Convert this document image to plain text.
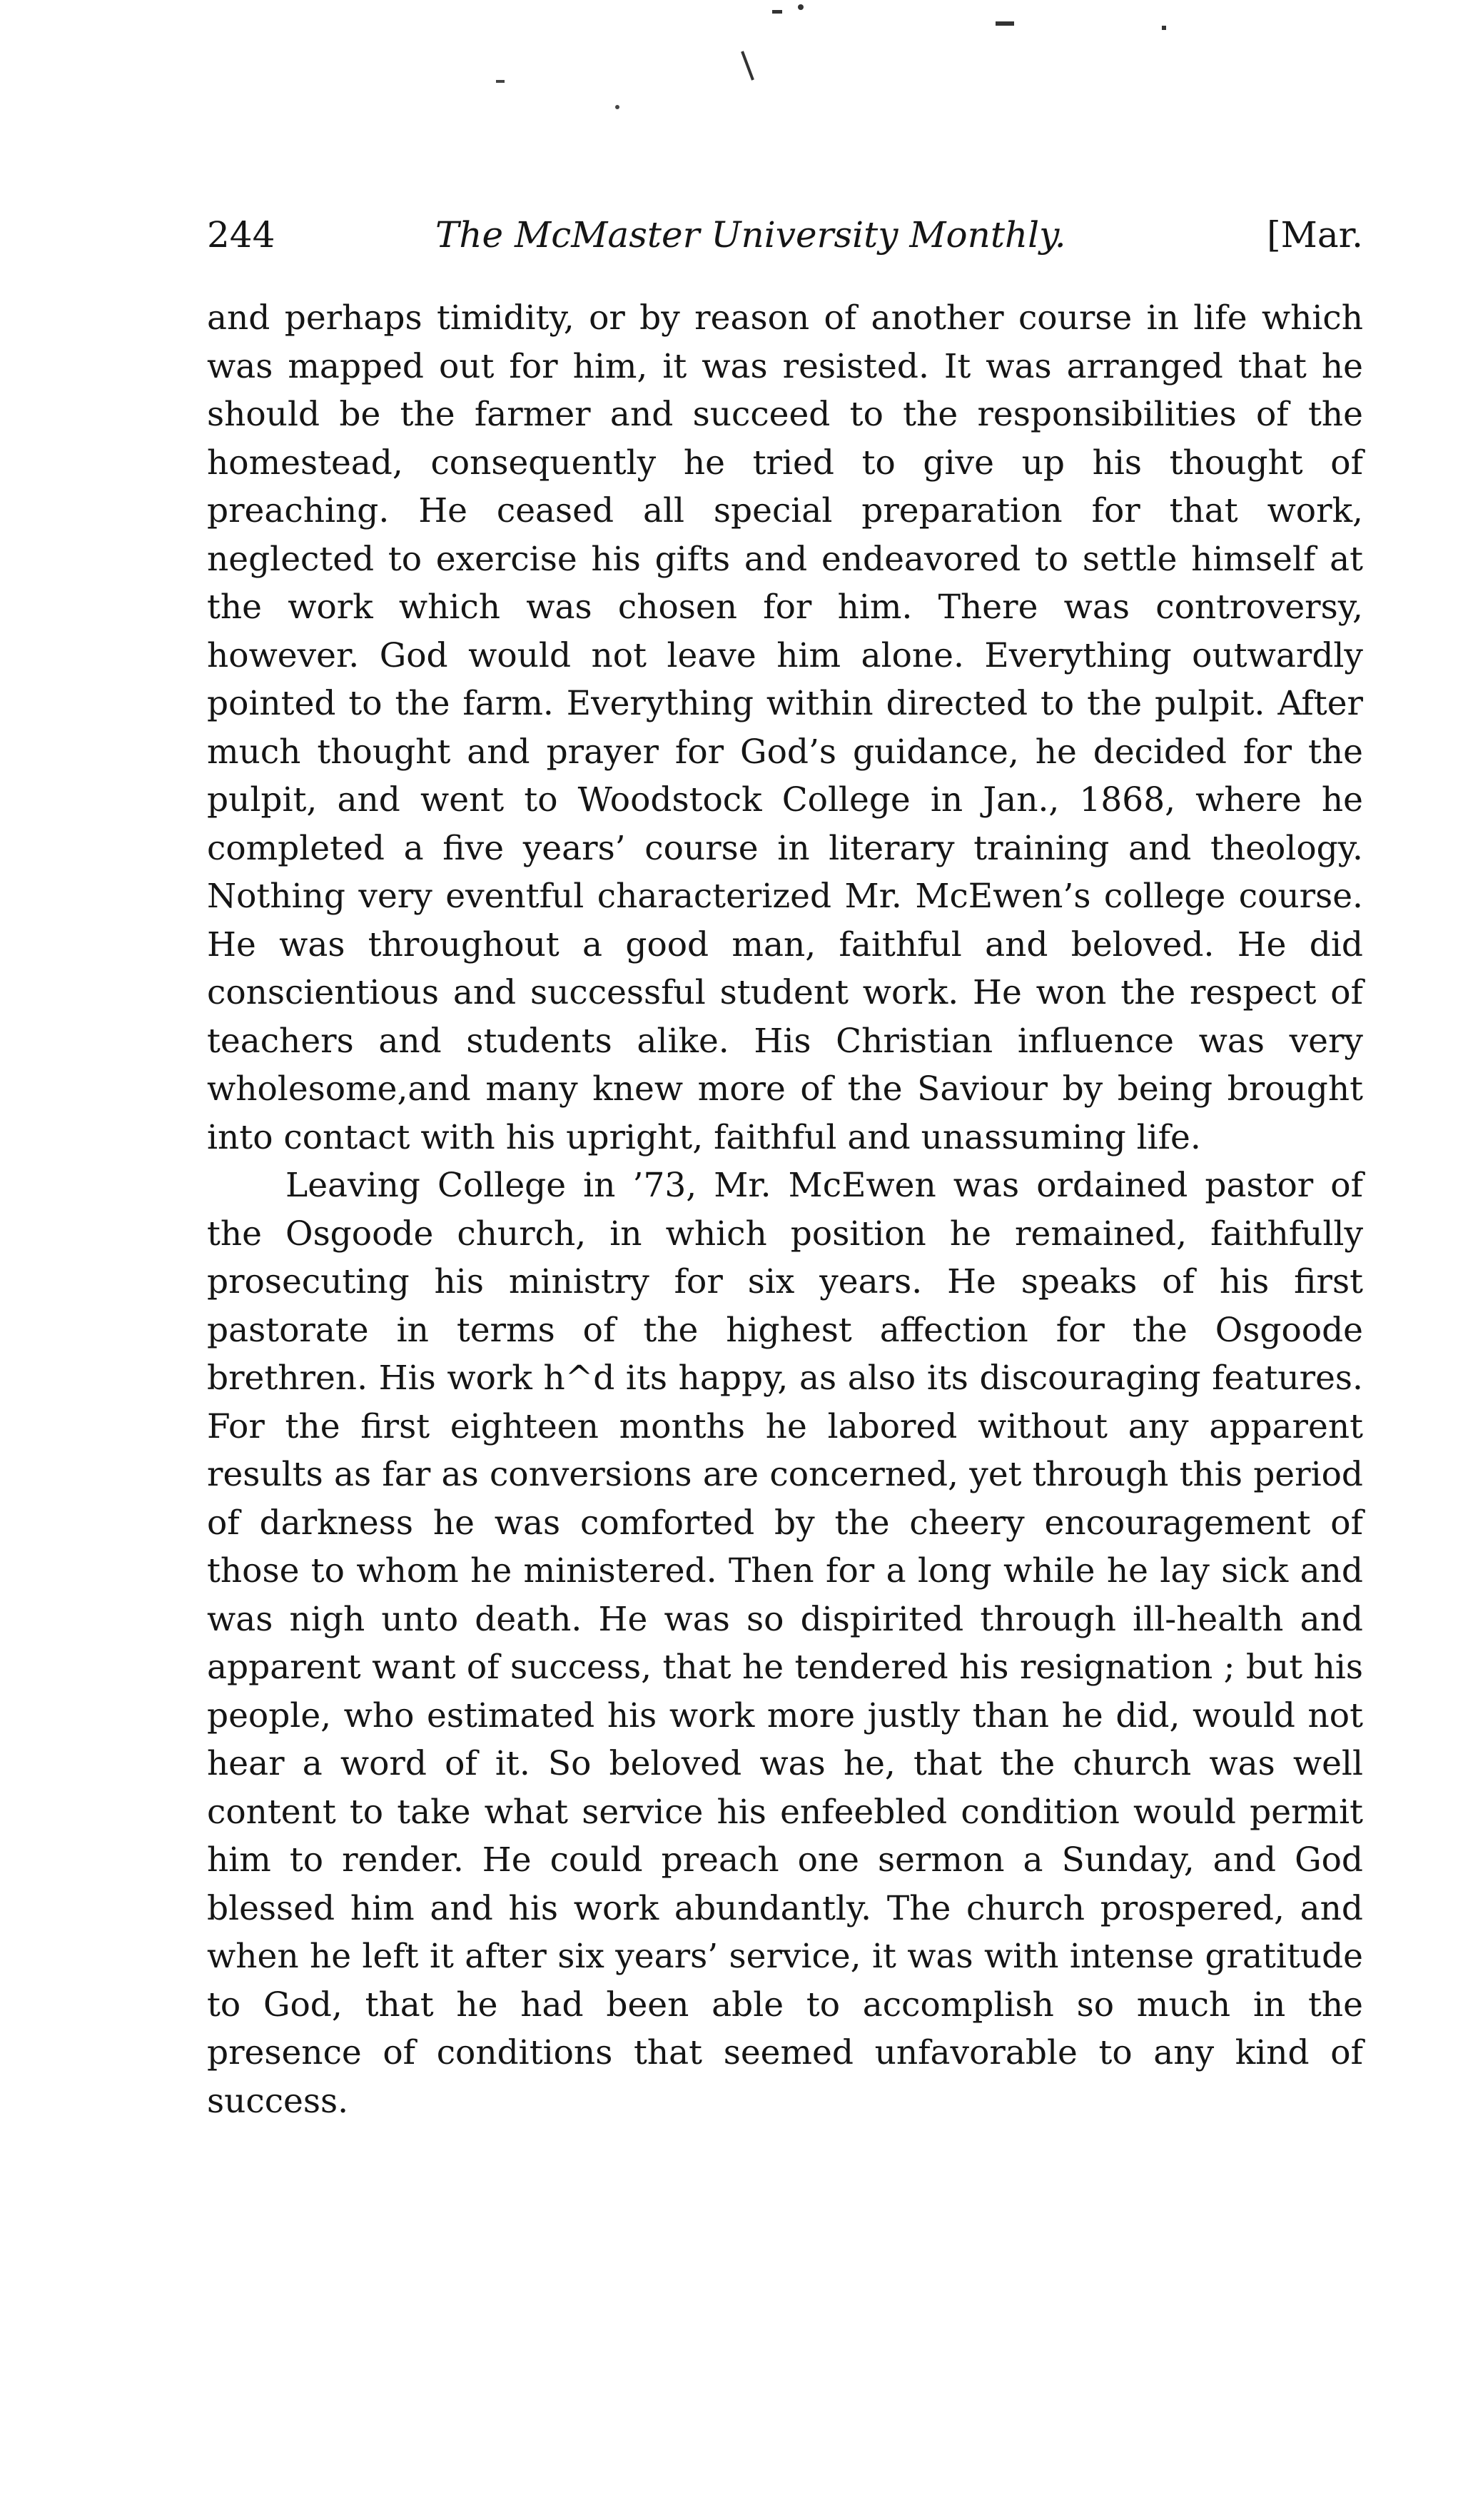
244	The McMaster University Monthly.	[Mar.

and perhaps timidity, or by reason of another course in life which was mapped out for him, it was resisted. It was arranged that he should be the farmer and succeed to the responsibilities of the homestead, consequently he tried to give up his thought of preaching. He ceased all special preparation for that work, neglected to exercise his gifts and endeavored to settle himself at the work which was chosen for him. There was controversy, however. God would not leave him alone. Everything outwardly pointed to the farm. Everything within directed to the pulpit. After much thought and prayer for God’s guidance, he decided for the pulpit, and went to Woodstock College in Jan., 1868, where he completed a five years’ course in literary training and theology. Nothing very eventful characterized Mr. McEwen’s college course. He was throughout a good man, faithful and beloved. He did conscientious and successful student work. He won the respect of teachers and students alike. His Christian influence was very wholesome,and many knew more of the Saviour by being brought into contact with his upright, faithful and unassuming life.

Leaving College in ’73, Mr. McEwen was ordained pastor of the Osgoode church, in which position he remained, faithfully prosecuting his ministry for six years. He speaks of his first pastorate in terms of the highest affection for the Osgoode brethren. His work h^d its happy, as also its discouraging features. For the first eighteen months he labored without any apparent results as far as conversions are concerned, yet through this period of darkness he was comforted by the cheery encouragement of those to whom he ministered. Then for a long while he lay sick and was nigh unto death. He was so dispirited through ill-health and apparent want of success, that he tendered his resignation ; but his people, who estimated his work more justly than he did, would not hear a word of it. So beloved was he, that the church was well content to take what service his enfeebled condition would permit him to render. He could preach one sermon a Sunday, and God blessed him and his work abundantly. The church prospered, and when he left it after six years’ service, it was with intense gratitude to God, that he had been able to accomplish so much in the presence of conditions that seemed unfavorable to any kind of success.
